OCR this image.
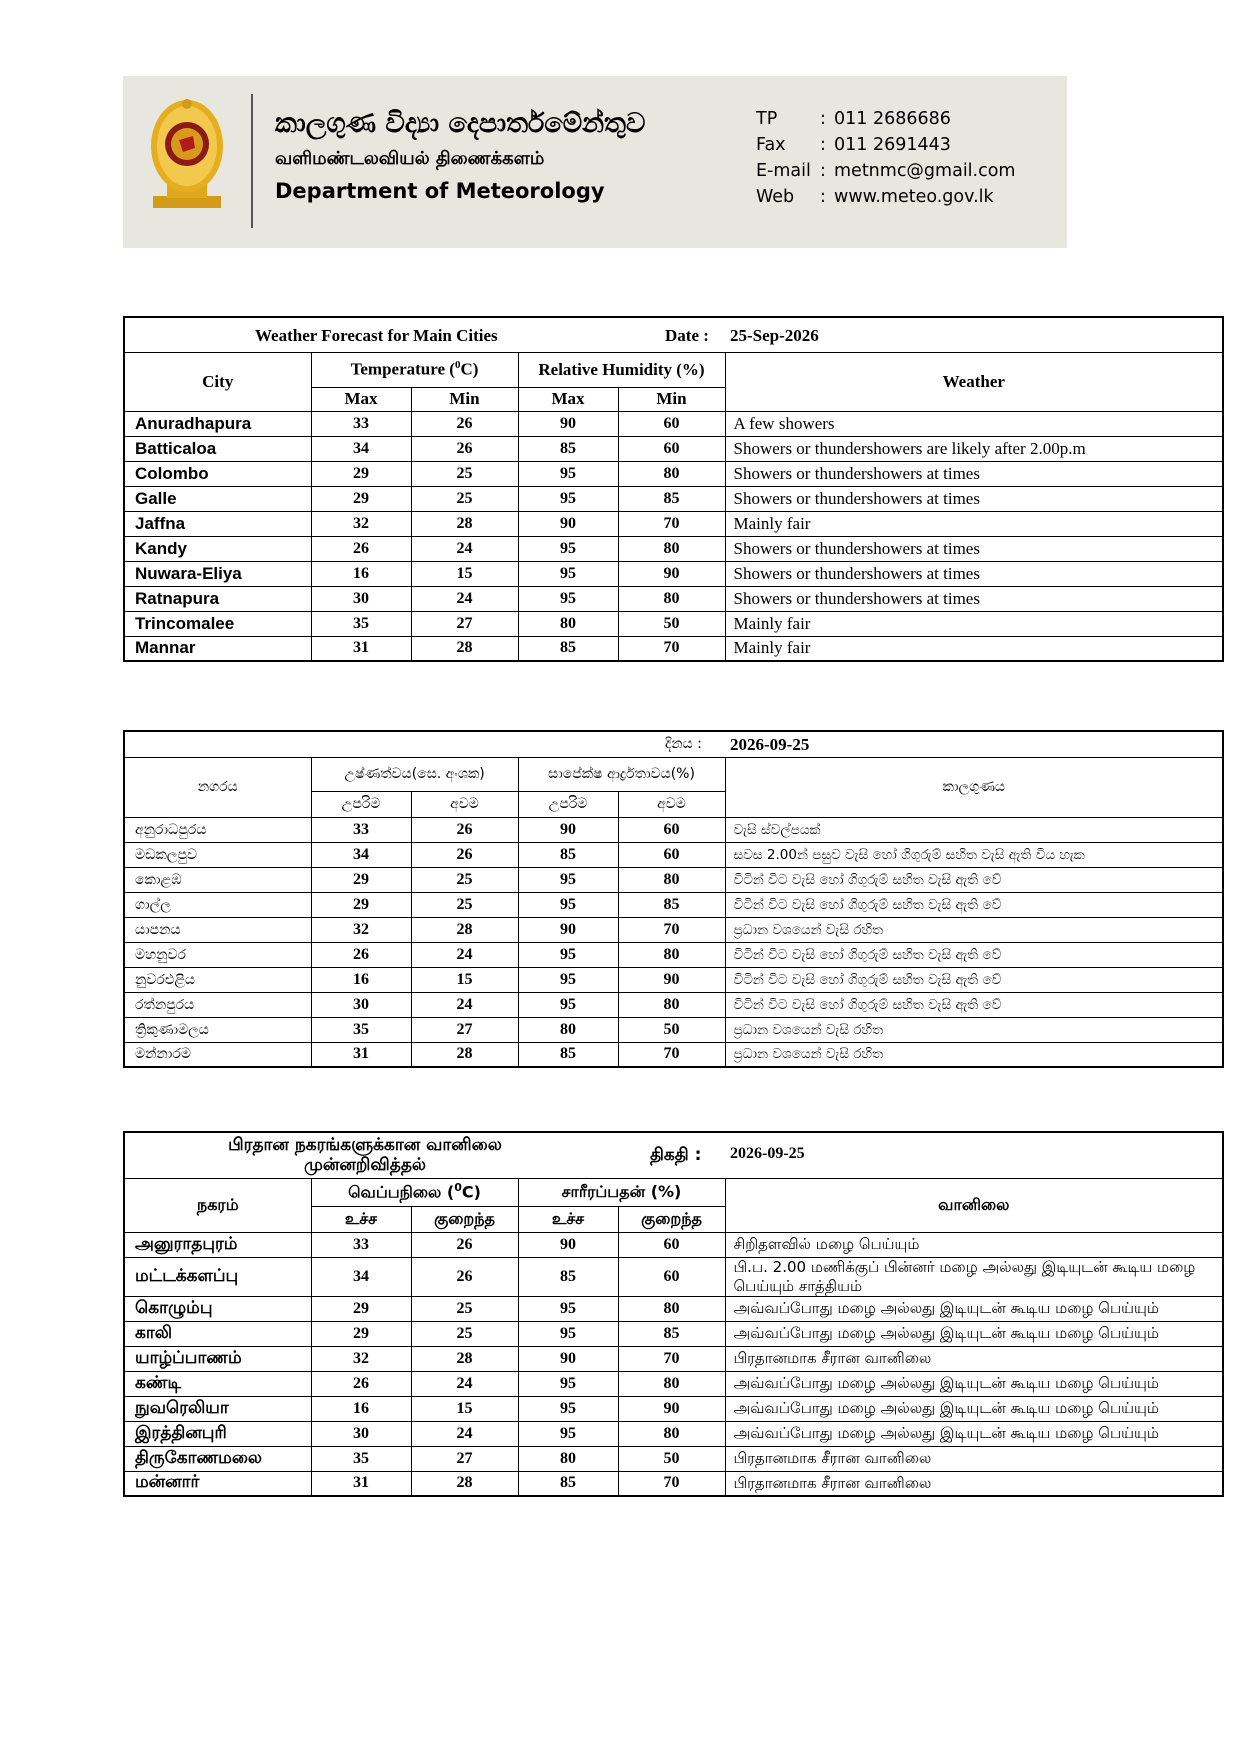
කාලගුණ විද්‍යා දෙපාර්තමේන්තුව
வளிமண்டலவியல் திணைக்களம்
Department of Meteorology
TP : 011 2686686
Fax : 011 2691443
E-mail : metnmc@gmail.com
Web : www.meteo.gov.lk
Weather Forecast for Main Cities Date : 25-Sep-2026					

City	Temperature ($^0$C)		Relative Humidity (%)		Weather
	Max	Min	Max	Min	
Anuradhapura	33	26	90	60	A few showers
Batticaloa	34	26	85	60	Showers or thundershowers are likely after 2.00p.m
Colombo	29	25	95	80	Showers or thundershowers at times
Galle	29	25	95	85	Showers or thundershowers at times
Jaffna	32	28	90	70	Mainly fair
Kandy	26	24	95	80	Showers or thundershowers at times
Nuwara-Eliya	16	15	95	90	Showers or thundershowers at times
Ratnapura	30	24	95	80	Showers or thundershowers at times
Trincomalee	35	27	80	50	Mainly fair
Mannar	31	28	85	70	Mainly fair
දිනය : 2026-09-25					

නගරය	උෂ්ණත්වය(සෙ. අංශක)		සාපේක්ෂ ආර්ද්‍රතාවය(%)		කාලගුණය
	උපරිම	අවම	උපරිම	අවම	
අනුරාධපුරය	33	26	90	60	වැසි ස්වල්පයක්
මඩකලපුව	34	26	85	60	සවස 2.00න් පසුව වැසි හෝ ගිගුරුම් සහිත වැසි ඇති විය හැක
කොළඹ	29	25	95	80	විටින් විට වැසි හෝ ගිගුරුම් සහිත වැසි ඇති වේ
ගාල්ල	29	25	95	85	විටින් විට වැසි හෝ ගිගුරුම් සහිත වැසි ඇති වේ
යාපනය	32	28	90	70	ප්‍රධාන වශයෙන් වැසි රහිත
මහනුවර	26	24	95	80	විටින් විට වැසි හෝ ගිගුරුම් සහිත වැසි ඇති වේ
නුවරඑළිය	16	15	95	90	විටින් විට වැසි හෝ ගිගුරුම් සහිත වැසි ඇති වේ
රත්නපුරය	30	24	95	80	විටින් විට වැසි හෝ ගිගුරුම් සහිත වැසි ඇති වේ
ත්‍රිකුණාමලය	35	27	80	50	ප්‍රධාන වශයෙන් වැසි රහිත
මන්නාරම	31	28	85	70	ප්‍රධාන වශයෙන් වැසි රහිත
பிரதான நகரங்களுக்கான வானிலை
முன்னறிவித்தல் திகதி : 2026-09-25					

நகரம்	வெப்பநிலை ($^0$C)		சாரீரப்பதன் (%)		வானிலை
	உச்ச	குறைந்த	உச்ச	குறைந்த	
அனுராதபுரம்	33	26	90	60	சிறிதளவில் மழை பெய்யும்
மட்டக்களப்பு	34	26	85	60	பி.ப. 2.00 மணிக்குப் பின்னர் மழை அல்லது இடியுடன் கூடிய மழை பெய்யும் சாத்தியம்
கொழும்பு	29	25	95	80	அவ்வப்போது மழை அல்லது இடியுடன் கூடிய மழை பெய்யும்
காலி	29	25	95	85	அவ்வப்போது மழை அல்லது இடியுடன் கூடிய மழை பெய்யும்
யாழ்ப்பாணம்	32	28	90	70	பிரதானமாக சீரான வானிலை
கண்டி	26	24	95	80	அவ்வப்போது மழை அல்லது இடியுடன் கூடிய மழை பெய்யும்
நுவரெலியா	16	15	95	90	அவ்வப்போது மழை அல்லது இடியுடன் கூடிய மழை பெய்யும்
இரத்தினபுரி	30	24	95	80	அவ்வப்போது மழை அல்லது இடியுடன் கூடிய மழை பெய்யும்
திருகோணமலை	35	27	80	50	பிரதானமாக சீரான வானிலை
மன்னார்	31	28	85	70	பிரதானமாக சீரான வானிலை
